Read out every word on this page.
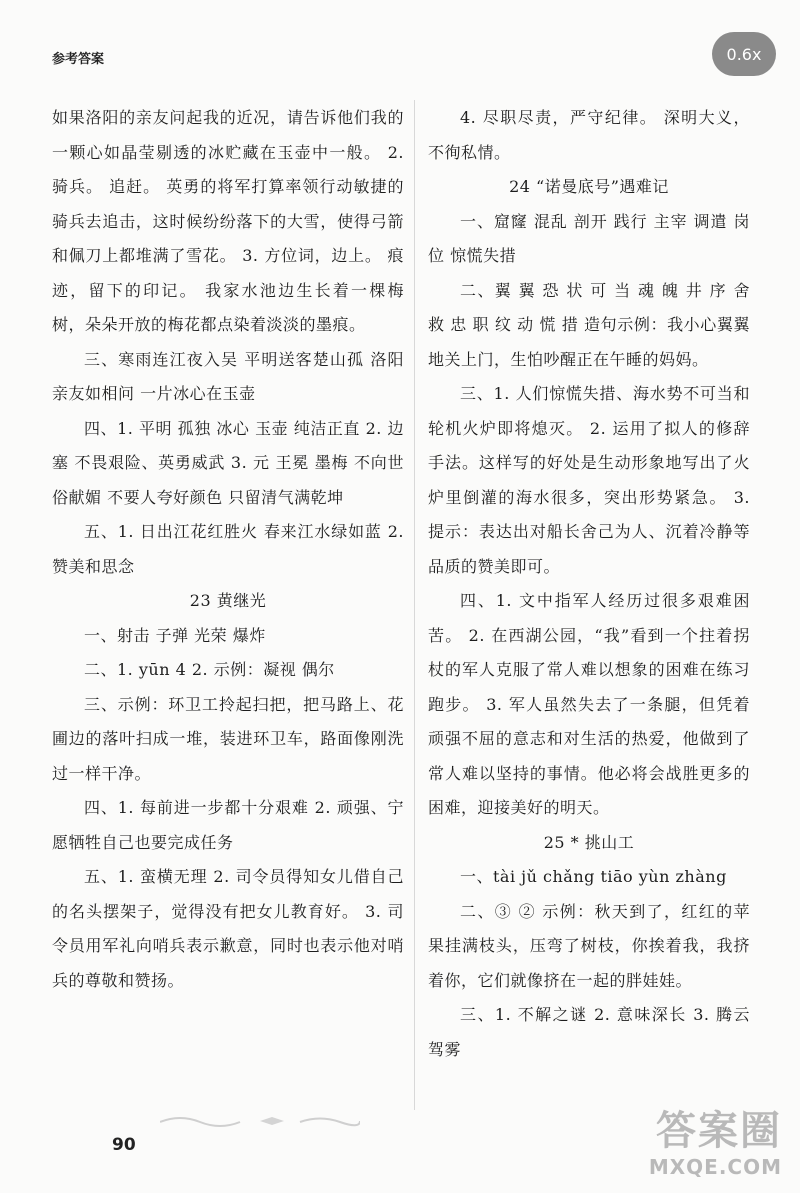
参考答案	0.6x

如果洛阳的亲友问起我的近况，请告诉他们我的一颗心如晶莹剔透的冰贮藏在玉壶中一般。 2. 骑兵。 追赶。 英勇的将军打算率领行动敏捷的骑兵去追击，这时候纷纷落下的大雪，使得弓箭和佩刀上都堆满了雪花。 3. 方位词，边上。 痕迹，留下的印记。 我家水池边生长着一棵梅树，朵朵开放的梅花都点染着淡淡的墨痕。

三、寒雨连江夜入吴 平明送客楚山孤 洛阳亲友如相问 一片冰心在玉壶

四、1. 平明 孤独 冰心 玉壶 纯洁正直 2. 边塞 不畏艰险、英勇威武 3. 元 王冕 墨梅 不向世俗献媚 不要人夸好颜色 只留清气满乾坤

五、1. 日出江花红胜火 春来江水绿如蓝 2. 赞美和思念

23 黄继光

一、射击 子弹 光荣 爆炸

二、1. yūn 4 2. 示例：凝视 偶尔

三、示例：环卫工拎起扫把，把马路上、花圃边的落叶扫成一堆，装进环卫车，路面像刚洗过一样干净。

四、1. 每前进一步都十分艰难 2. 顽强、宁愿牺牲自己也要完成任务

五、1. 蛮横无理 2. 司令员得知女儿借自己的名头摆架子，觉得没有把女儿教育好。 3. 司令员用军礼向哨兵表示歉意，同时也表示他对哨兵的尊敬和赞扬。

4. 尽职尽责，严守纪律。 深明大义，不徇私情。

24 “诺曼底号”遇难记

一、窟窿 混乱 剖开 践行 主宰 调遣 岗位 惊慌失措

二、翼 翼 恐 状 可 当 魂 魄 井 序 舍 救 忠 职 纹 动 慌 措 造句示例：我小心翼翼地关上门，生怕吵醒正在午睡的妈妈。

三、1. 人们惊慌失措、海水势不可当和轮机火炉即将熄灭。 2. 运用了拟人的修辞手法。这样写的好处是生动形象地写出了火炉里倒灌的海水很多，突出形势紧急。 3. 提示：表达出对船长舍己为人、沉着冷静等品质的赞美即可。

四、1. 文中指军人经历过很多艰难困苦。 2. 在西湖公园，“我”看到一个拄着拐杖的军人克服了常人难以想象的困难在练习跑步。 3. 军人虽然失去了一条腿，但凭着顽强不屈的意志和对生活的热爱，他做到了常人难以坚持的事情。他必将会战胜更多的困难，迎接美好的明天。

25 * 挑山工

一、tài jǔ chǎng tiāo yùn zhàng

二、③ ② 示例：秋天到了，红红的苹果挂满枝头，压弯了树枝，你挨着我，我挤着你，它们就像挤在一起的胖娃娃。

三、1. 不解之谜 2. 意味深长 3. 腾云驾雾

90	答案圈
MXQE.COM
